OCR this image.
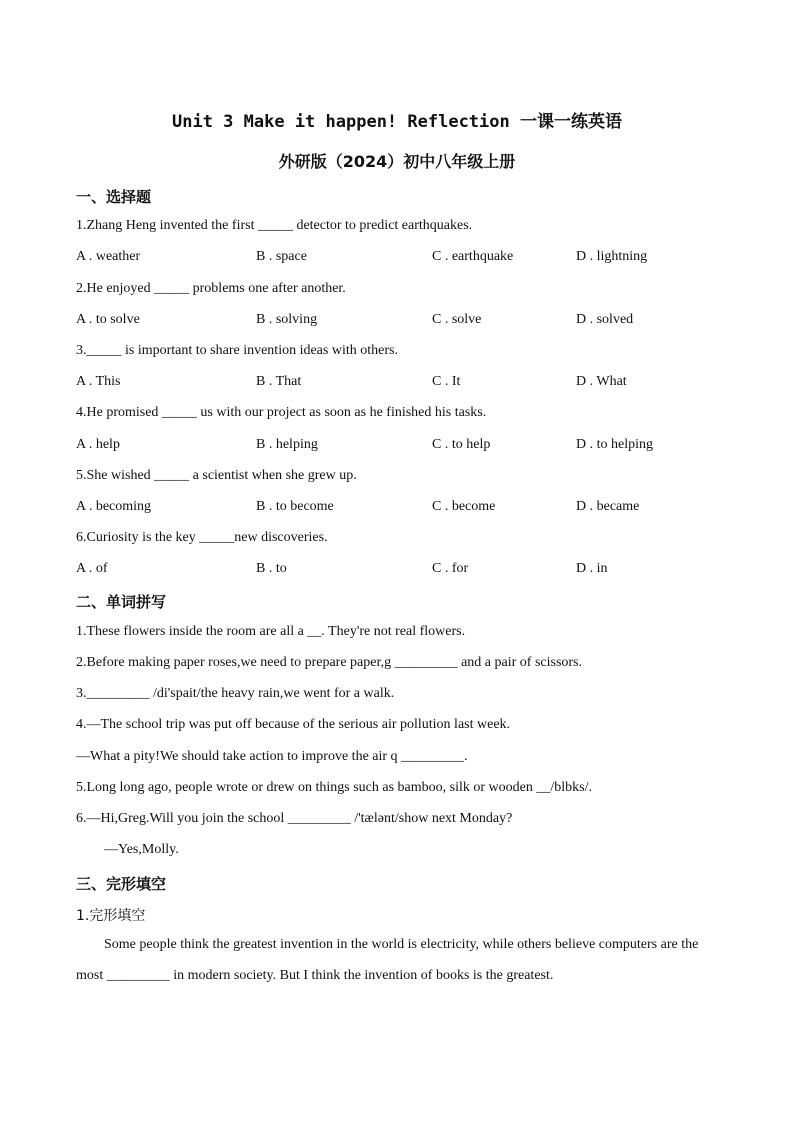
Unit 3 Make it happen! Reflection 一课一练英语
外研版（2024）初中八年级上册
一、选择题
1.Zhang Heng invented the first _____ detector to predict earthquakes.
A . weather	B . space	C . earthquake	D . lightning
2.He enjoyed _____ problems one after another.
A . to solve	B . solving	C . solve	D . solved
3._____ is important to share invention ideas with others.
A . This	B . That	C . It	D . What
4.He promised _____ us with our project as soon as he finished his tasks.
A . help	B . helping	C . to help	D . to helping
5.She wished _____ a scientist when she grew up.
A . becoming	B . to become	C . become	D . became
6.Curiosity is the key _____new discoveries.
A . of	B . to	C . for	D . in
二、单词拼写
1.These flowers inside the room are all a __. They're not real flowers.
2.Before making paper roses,we need to prepare paper,g _________ and a pair of scissors.
3._________ /di'spait/the heavy rain,we went for a walk.
4.—The school trip was put off because of the serious air pollution last week.
—What a pity!We should take action to improve the air q _________.
5.Long long ago, people wrote or drew on things such as bamboo, silk or wooden __/blbks/.
6.—Hi,Greg.Will you join the school _________ /'tælənt/show next Monday?
—Yes,Molly.
三、完形填空
1.完形填空
Some people think the greatest invention in the world is electricity, while others believe computers are the most _________ in modern society. But I think the invention of books is the greatest.
